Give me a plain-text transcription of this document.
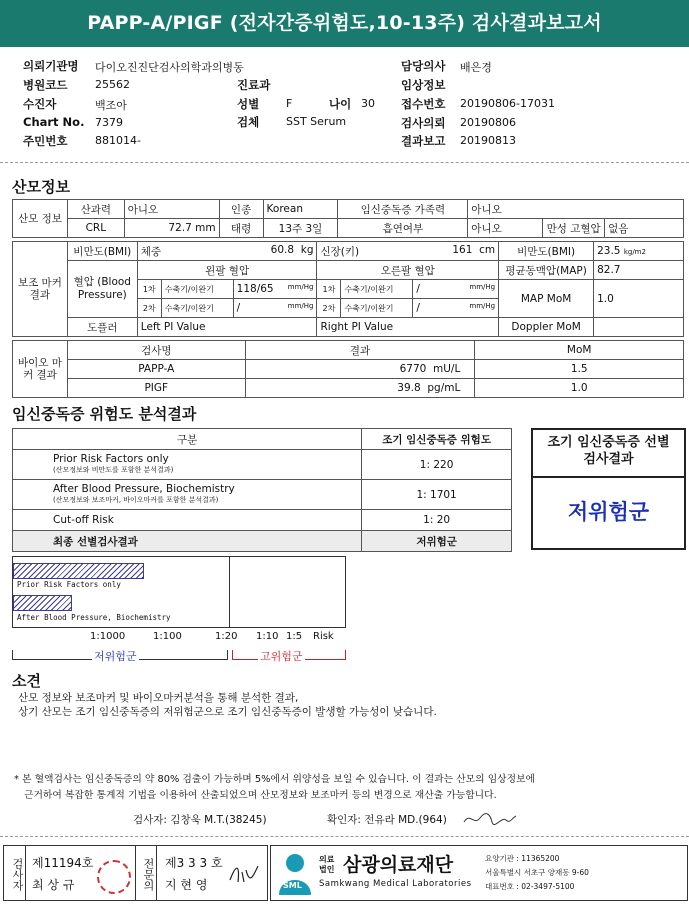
PAPP-A/PIGF (전자간증위험도,10-13주) 검사결과보고서
의뢰기관명 다이오진진단검사의학과의병동
병원코드	25562	진료과
수진자	백조아	성별 F	나이 30
Chart No. 7379	검체 SST Serum
주민번호	881014-
담당의사 배은경
임상정보
접수번호 20190806-17031
검사의뢰 20190806
결과보고 20190813
산모정보
산모 정보	산과력	아니오	인종	Korean	임신중독증 가족력	아니오		
	CRL	72.7 mm	태령	13주 3일	흡연여부	아니오	만성 고혈압	없음
보조 마커 결과	비만도(BMI)	체중 60.8 kg			신장(키) 161 cm			비만도(BMI)	23.5 kg/m2
	혈압 (Blood Pressure)	왼팔 혈압			오른팔 혈압			평균동맥압(MAP)	82.7
		1차	수축기/이완기	118/65 mm/Hg	1차	수축기/이완기	/ mm/Hg	MAP MoM	1.0
		2차	수축기/이완기	/ mm/Hg	2차	수축기/이완기	/ mm/Hg		

	도플러	Left PI Value			Right PI Value			Doppler MoM	
바이오 마커 결과	검사명	결과	MoM
	PAPP-A	6770 mU/L	1.5
	PIGF	39.8 pg/mL	1.0
임신중독증 위험도 분석결과
구분	조기 임신중독증 위험도

Prior Risk Factors only
(산모정보와 비만도를 포함한 분석결과)	1: 220

After Blood Pressure, Biochemistry
(산모정보와 보조마커, 바이오마커를 포함한 분석결과)	1: 1701
Cut-off Risk	1: 20
최종 선별검사결과	저위험군
조기 임신중독증 선별검사결과
저위험군
Prior Risk Factors only
After Blood Pressure, Biochemistry
1:1000	1:100	1:20 1:10 1:5 Risk
저위험군	고위험군
소견
산모 정보와 보조마커 및 바이오마커분석을 통해 분석한 결과,
상기 산모는 조기 임신중독증의 저위험군으로 조기 임신중독증이 발생할 가능성이 낮습니다.
* 본 혈액검사는 임신중독증의 약 80% 검출이 가능하며 5%에서 위양성을 보일 수 있습니다. 이 결과는 산모의 임상정보에
근거하여 복잡한 통계적 기법을 이용하여 산출되었으며 산모정보와 보조마커 등의 변경으로 재산출 가능합니다.
검사자: 김창욱 M.T.(38245)	확인자: 전유라 MD.(964)
검사자 제11194호
최 상 규	전문의 제3 3 3 호
지 현 영	SML
의료 법인 삼광의료재단
Samkwang Medical Laboratories
요양기관 : 11365200
서울특별시 서초구 양재동 9-60
대표번호 : 02-3497-5100
